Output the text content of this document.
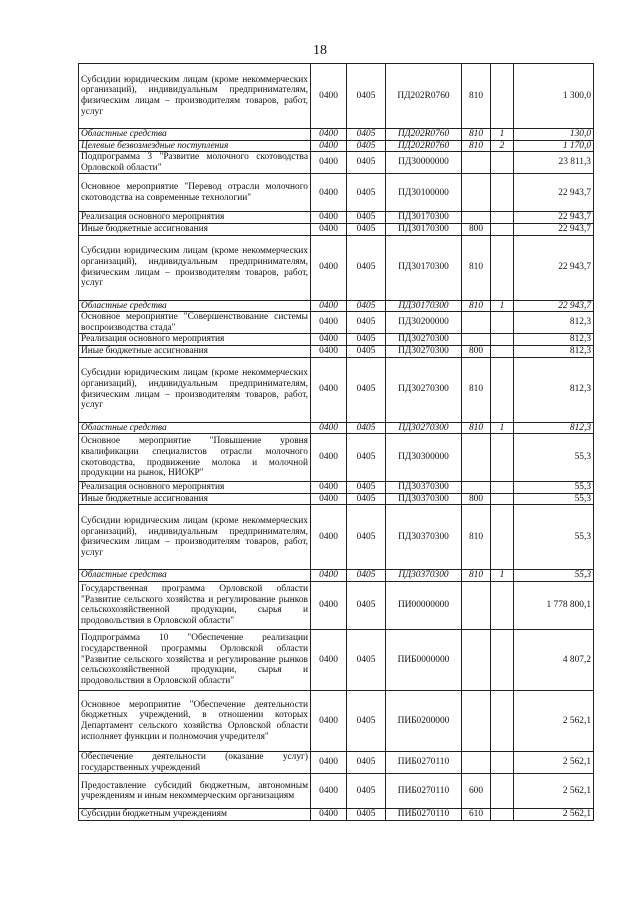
18
Субсидии юридическим лицам (кроме некоммерческих организаций), индивидуальным предпринимателям, физическим лицам – производителям товаров, работ, услуг	0400	0405	ПД202R0760	810		1 300,0
Областные средства	0400	0405	ПД202R0760	810	1	130,0
Целевые безвозмездные поступления	0400	0405	ПД202R0760	810	2	1 170,0
Подпрограмма 3 "Развитие молочного скотоводства Орловской области"	0400	0405	ПД30000000			23 811,3
Основное мероприятие "Перевод отрасли молочного скотоводства на современные технологии"	0400	0405	ПД30100000			22 943,7
Реализация основного мероприятия	0400	0405	ПД30170300			22 943,7
Иные бюджетные ассигнования	0400	0405	ПД30170300	800		22 943,7
Субсидии юридическим лицам (кроме некоммерческих организаций), индивидуальным предпринимателям, физическим лицам – производителям товаров, работ, услуг	0400	0405	ПД30170300	810		22 943,7
Областные средства	0400	0405	ПД30170300	810	1	22 943,7
Основное мероприятие "Совершенствование системы воспроизводства стада"	0400	0405	ПД30200000			812,3
Реализация основного мероприятия	0400	0405	ПД30270300			812,3
Иные бюджетные ассигнования	0400	0405	ПД30270300	800		812,3
Субсидии юридическим лицам (кроме некоммерческих организаций), индивидуальным предпринимателям, физическим лицам – производителям товаров, работ, услуг	0400	0405	ПД30270300	810		812,3
Областные средства	0400	0405	ПД30270300	810	1	812,3
Основное мероприятие "Повышение уровня квалификации специалистов отрасли молочного скотоводства, продвижение молока и молочной продукции на рынок, НИОКР"	0400	0405	ПД30300000			55,3
Реализация основного мероприятия	0400	0405	ПД30370300			55,3
Иные бюджетные ассигнования	0400	0405	ПД30370300	800		55,3
Субсидии юридическим лицам (кроме некоммерческих организаций), индивидуальным предпринимателям, физическим лицам – производителям товаров, работ, услуг	0400	0405	ПД30370300	810		55,3
Областные средства	0400	0405	ПД30370300	810	1	55,3
Государственная программа Орловской области "Развитие сельского хозяйства и регулирование рынков сельскохозяйственной продукции, сырья и продовольствия в Орловской области"	0400	0405	ПИ00000000			1 778 800,1
Подпрограмма 10 "Обеспечение реализации государственной программы Орловской области "Развитие сельского хозяйства и регулирование рынков сельскохозяйственной продукции, сырья и продовольствия в Орловской области"	0400	0405	ПИБ0000000			4 807,2
Основное мероприятие "Обеспечение деятельности бюджетных учреждений, в отношении которых Департамент сельского хозяйства Орловской области исполняет функции и полномочия учредителя"	0400	0405	ПИБ0200000			2 562,1
Обеспечение деятельности (оказание услуг) государственных учреждений	0400	0405	ПИБ0270110			2 562,1
Предоставление субсидий бюджетным, автономным учреждениям и иным некоммерческим организациям	0400	0405	ПИБ0270110	600		2 562,1
Субсидии бюджетным учреждениям	0400	0405	ПИБ0270110	610		2 562,1
